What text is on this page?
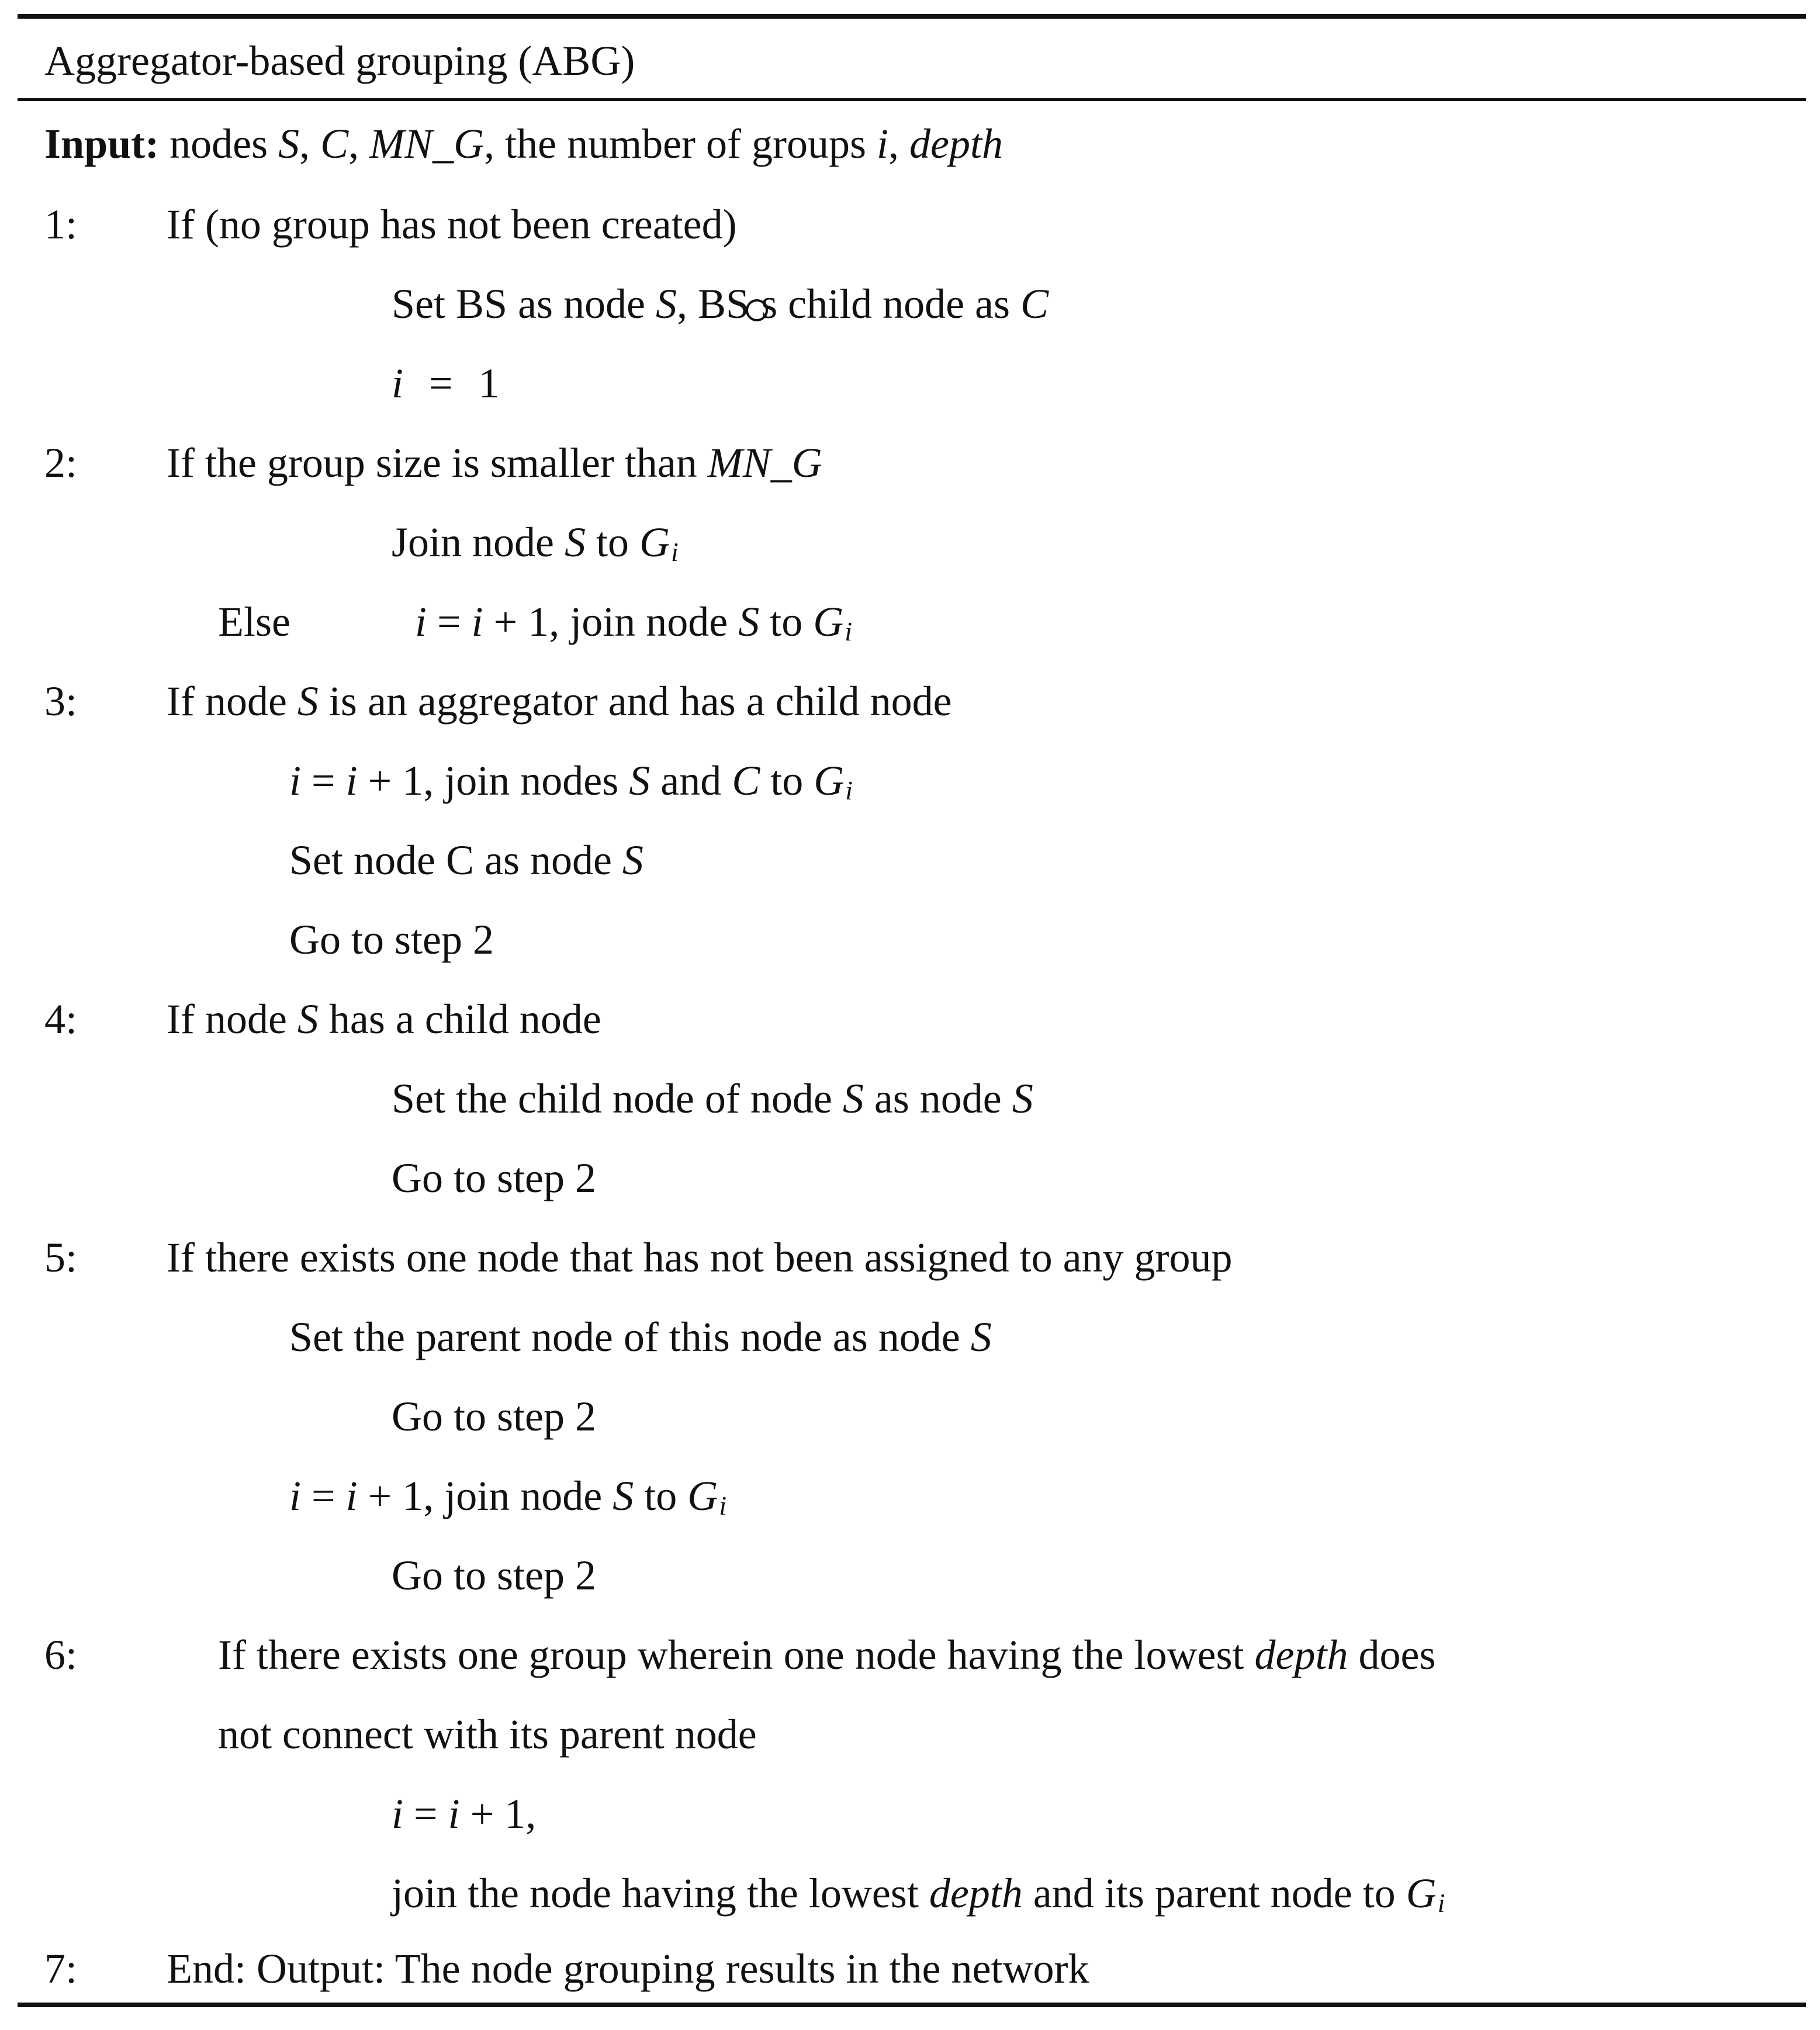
Aggregator-based grouping (ABG)
Input: nodes S, C, MN_G, the number of groups i, depth
1: If (no group has not been created)
Set BS as node S, BS s child node as C
i = 1
2: If the group size is smaller than MN_G
Join node S to Gi
Else	i = i + 1, join node S to Gi
3: If node S is an aggregator and has a child node
i = i + 1, join nodes S and C to Gi
Set node C as node S
Go to step 2
4: If node S has a child node
Set the child node of node S as node S
Go to step 2
5: If there exists one node that has not been assigned to any group
Set the parent node of this node as node S
Go to step 2
i = i + 1, join node S to Gi
Go to step 2
6:	If there exists one group wherein one node having the lowest depth does
not connect with its parent node
i = i + 1,
join the node having the lowest depth and its parent node to Gi
7: End: Output: The node grouping results in the network
